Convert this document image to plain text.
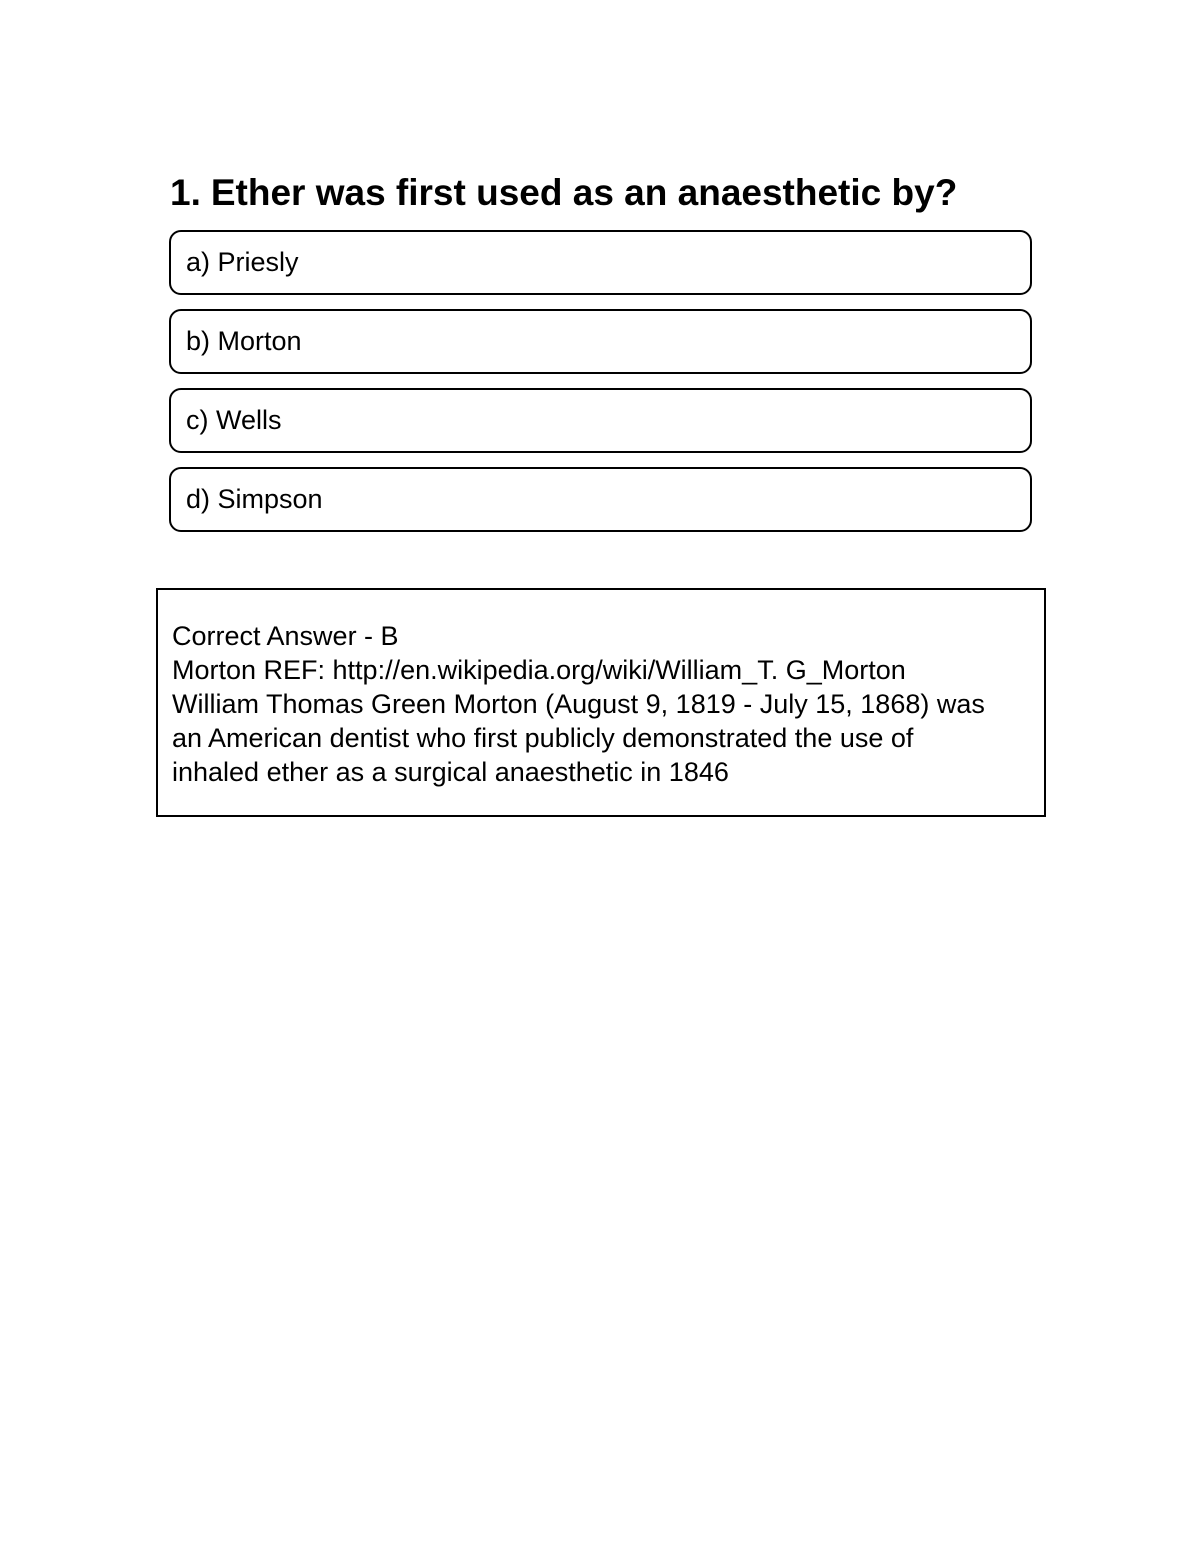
1. Ether was first used as an anaesthetic by?
a) Priesly
b) Morton
c) Wells
d) Simpson

Correct Answer - B

Morton REF: http://en.wikipedia.org/wiki/William_T. G_Morton

William Thomas Green Morton (August 9, 1819 - July 15, 1868) was

an American dentist who first publicly demonstrated the use of

inhaled ether as a surgical anaesthetic in 1846
